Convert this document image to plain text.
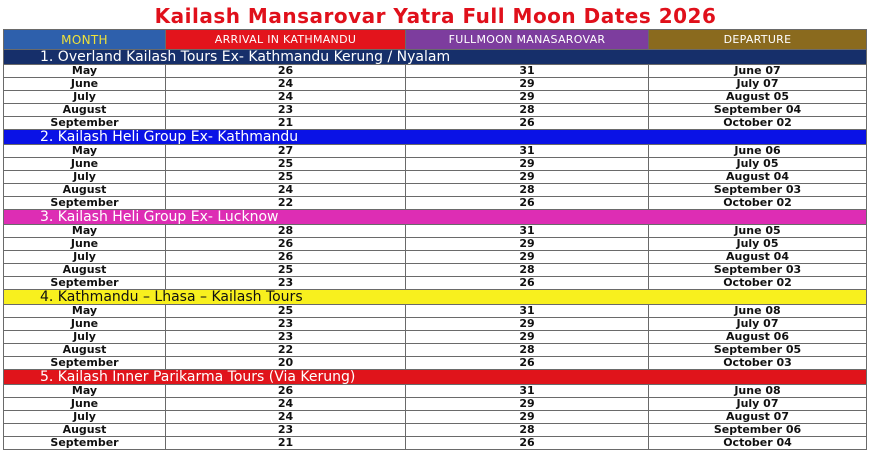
Kailash Mansarovar Yatra Full Moon Dates 2026
MONTH	ARRIVAL IN KATHMANDU	FULLMOON MANASAROVAR	DEPARTURE
1. Overland Kailash Tours Ex- Kathmandu Kerung / Nyalam			
May	26	31	June 07
June	24	29	July 07
July	24	29	August 05
August	23	28	September 04
September	21	26	October 02
2. Kailash Heli Group Ex- Kathmandu			
May	27	31	June 06
June	25	29	July 05
July	25	29	August 04
August	24	28	September 03
September	22	26	October 02
3. Kailash Heli Group Ex- Lucknow			
May	28	31	June 05
June	26	29	July 05
July	26	29	August 04
August	25	28	September 03
September	23	26	October 02
4. Kathmandu – Lhasa – Kailash Tours			
May	25	31	June 08
June	23	29	July 07
July	23	29	August 06
August	22	28	September 05
September	20	26	October 03
5. Kailash Inner Parikarma Tours (Via Kerung)			
May	26	31	June 08
June	24	29	July 07
July	24	29	August 07
August	23	28	September 06
September	21	26	October 04
